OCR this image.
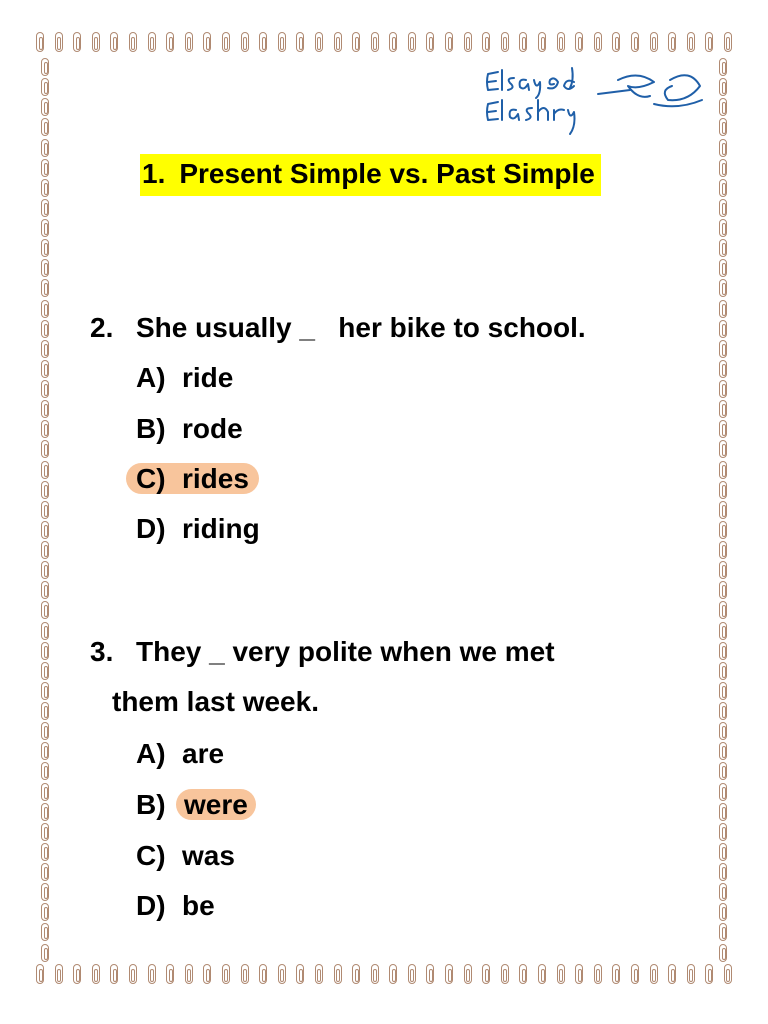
1. Present Simple vs. Past Simple
2. She usually _   her bike to school.
A) ride
B) rode
C) rides
D) riding
3. They _ very polite when we met
them last week.
A) are
B) were
C) was
D) be
